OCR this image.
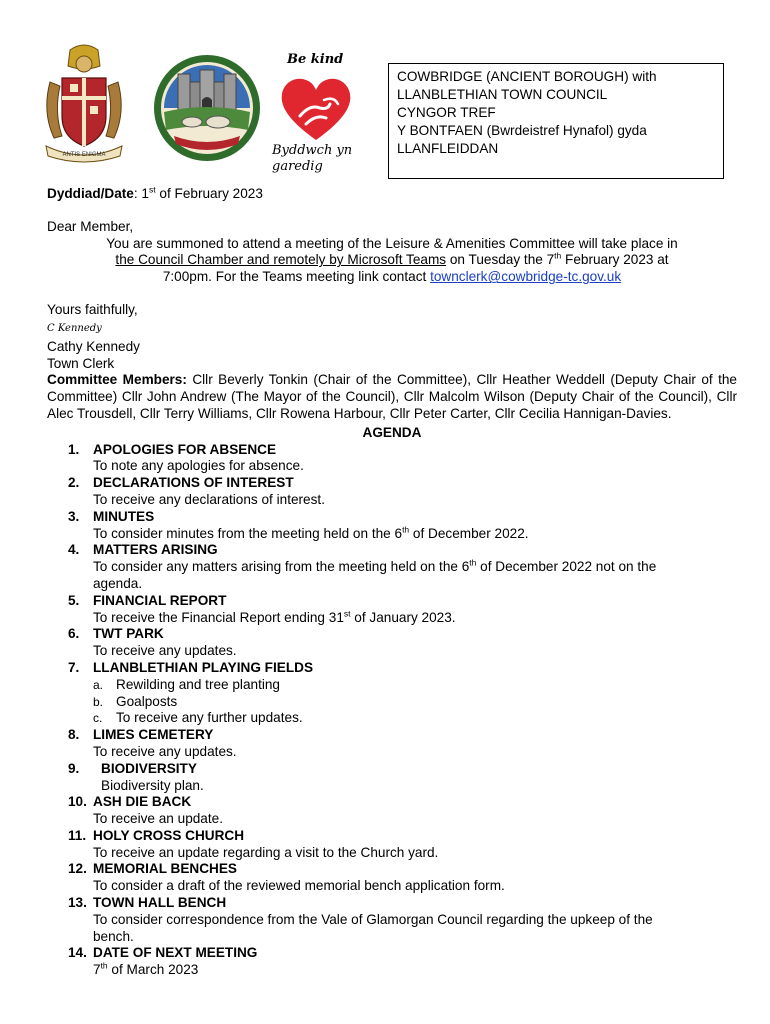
ANTIS ENIGMA
Be kind
Byddwch yn garedig
COWBRIDGE (ANCIENT BOROUGH) with
LLANBLETHIAN TOWN COUNCIL
CYNGOR TREF
Y BONTFAEN (Bwrdeistref Hynafol) gyda
LLANFLEIDDAN
Dyddiad/Date: 1st of February 2023
Dear Member,
You are summoned to attend a meeting of the Leisure & Amenities Committee will take place in
the Council Chamber and remotely by Microsoft Teams on Tuesday the 7th February 2023 at
7:00pm. For the Teams meeting link contact townclerk@cowbridge-tc.gov.uk
Yours faithfully,
C Kennedy
Cathy Kennedy
Town Clerk
Committee Members: Cllr Beverly Tonkin (Chair of the Committee), Cllr Heather Weddell (Deputy Chair of the Committee) Cllr John Andrew (The Mayor of the Council), Cllr Malcolm Wilson (Deputy Chair of the Council), Cllr Alec Trousdell, Cllr Terry Williams, Cllr Rowena Harbour, Cllr Peter Carter, Cllr Cecilia Hannigan-Davies.
AGENDA
1. APOLOGIES FOR ABSENCE
To note any apologies for absence.
2. DECLARATIONS OF INTEREST
To receive any declarations of interest.
3. MINUTES
To consider minutes from the meeting held on the 6th of December 2022.
4. MATTERS ARISING
To consider any matters arising from the meeting held on the 6th of December 2022 not on the
agenda.
5. FINANCIAL REPORT
To receive the Financial Report ending 31st of January 2023.
6. TWT PARK
To receive any updates.
7. LLANBLETHIAN PLAYING FIELDS
a. Rewilding and tree planting
b. Goalposts
c. To receive any further updates.
8. LIMES CEMETERY
To receive any updates.
9.	BIODIVERSITY
Biodiversity plan.
10. ASH DIE BACK
To receive an update.
11. HOLY CROSS CHURCH
To receive an update regarding a visit to the Church yard.
12. MEMORIAL BENCHES
To consider a draft of the reviewed memorial bench application form.
13. TOWN HALL BENCH
To consider correspondence from the Vale of Glamorgan Council regarding the upkeep of the
bench.
14. DATE OF NEXT MEETING
7th of March 2023
